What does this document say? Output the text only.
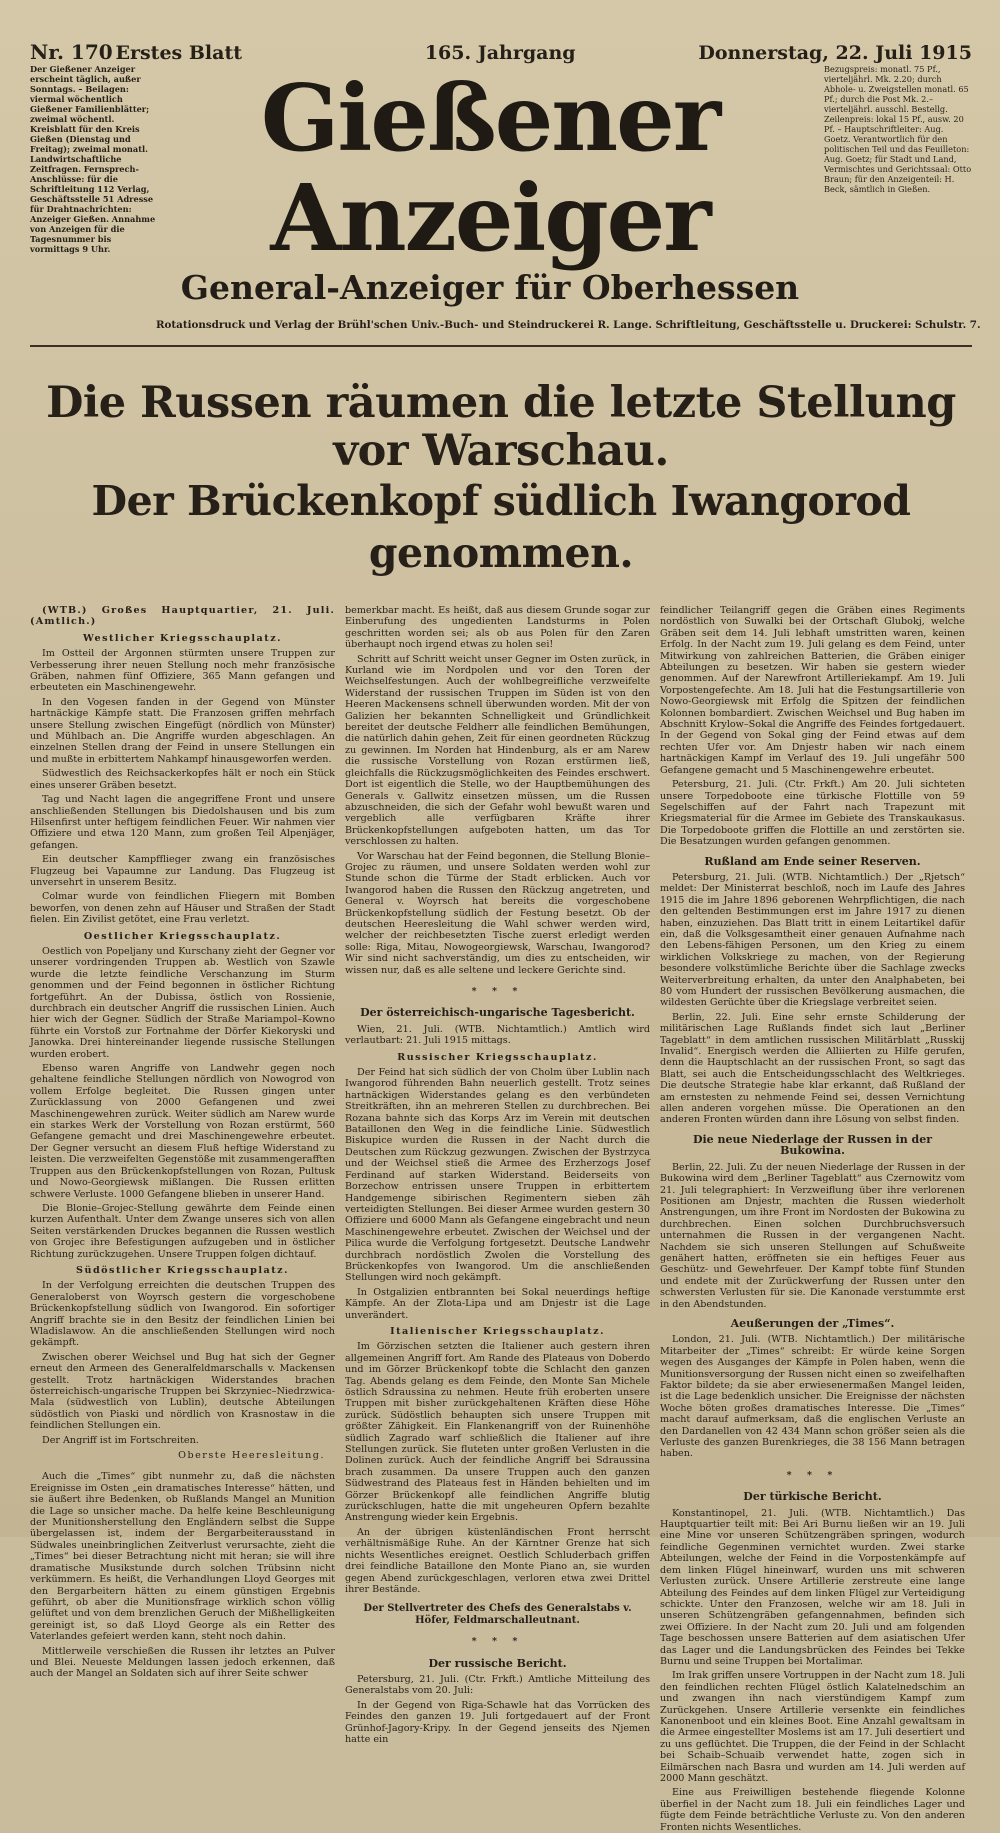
Nr. 170 Erstes Blatt	165. Jahrgang	Donnerstag, 22. Juli 1915
Der Gießener Anzeiger erscheint täglich, außer Sonntags. – Beilagen: viermal wöchentlich Gießener Familienblätter; zweimal wöchentl. Kreisblatt für den Kreis Gießen (Dienstag und Freitag); zweimal monatl. Landwirtschaftliche Zeitfragen. Fernsprech-Anschlüsse: für die Schriftleitung 112 Verlag, Geschäftsstelle 51 Adresse für Drahtnachrichten: Anzeiger Gießen. Annahme von Anzeigen für die Tagesnummer bis vormittags 9 Uhr.
Gießener Anzeiger
General-Anzeiger für Oberhessen
Bezugspreis: monatl. 75 Pf., vierteljährl. Mk. 2.20; durch Abhole- u. Zweigstellen monatl. 65 Pf.; durch die Post Mk. 2.– vierteljährl. ausschl. Bestellg. Zeilenpreis: lokal 15 Pf., ausw. 20 Pf. – Hauptschriftleiter: Aug. Goetz. Verantwortlich für den politischen Teil und das Feuilleton: Aug. Goetz; für Stadt und Land, Vermischtes und Gerichtssaal: Otto Braun; für den Anzeigenteil: H. Beck, sämtlich in Gießen.
Rotationsdruck und Verlag der Brühl'schen Univ.-Buch- und Steindruckerei R. Lange. Schriftleitung, Geschäftsstelle u. Druckerei: Schulstr. 7.
Die Russen räumen die letzte Stellung vor Warschau.
Der Brückenkopf südlich Iwangorod genommen.

(WTB.) Großes Hauptquartier, 21. Juli. (Amtlich.)

Westlicher Kriegsschauplatz.

Im Ostteil der Argonnen stürmten unsere Truppen zur Verbesserung ihrer neuen Stellung noch mehr französische Gräben, nahmen fünf Offiziere, 365 Mann gefangen und erbeuteten ein Maschinengewehr.

In den Vogesen fanden in der Gegend von Münster hartnäckige Kämpfe statt. Die Franzosen griffen mehrfach unsere Stellung zwischen Eingefügt (nördlich von Münster) und Mühlbach an. Die Angriffe wurden abgeschlagen. An einzelnen Stellen drang der Feind in unsere Stellungen ein und mußte in erbittertem Nahkampf hinausgeworfen werden.

Südwestlich des Reichsackerkopfes hält er noch ein Stück eines unserer Gräben besetzt.

Tag und Nacht lagen die angegriffene Front und unsere anschließenden Stellungen bis Diedolshausen und bis zum Hilsenfirst unter heftigem feindlichen Feuer. Wir nahmen vier Offiziere und etwa 120 Mann, zum großen Teil Alpenjäger, gefangen.

Ein deutscher Kampfflieger zwang ein französisches Flugzeug bei Vapaumne zur Landung. Das Flugzeug ist unversehrt in unserem Besitz.

Colmar wurde von feindlichen Fliegern mit Bomben beworfen, von denen zehn auf Häuser und Straßen der Stadt fielen. Ein Zivilist getötet, eine Frau verletzt.

Oestlicher Kriegsschauplatz.

Oestlich von Popeljany und Kurschany zieht der Gegner vor unserer vordringenden Truppen ab. Westlich von Szawle wurde die letzte feindliche Verschanzung im Sturm genommen und der Feind begonnen in östlicher Richtung fortgeführt. An der Dubissa, östlich von Rossienie, durchbrach ein deutscher Angriff die russischen Linien. Auch hier wich der Gegner. Südlich der Straße Mariampol–Kowno führte ein Vorstoß zur Fortnahme der Dörfer Kiekoryski und Janowka. Drei hintereinander liegende russische Stellungen wurden erobert.

Ebenso waren Angriffe von Landwehr gegen noch gehaltene feindliche Stellungen nördlich von Nowogrod von vollem Erfolge begleitet. Die Russen gingen unter Zurücklassung von 2000 Gefangenen und zwei Maschinengewehren zurück. Weiter südlich am Narew wurde ein starkes Werk der Vorstellung von Rozan erstürmt, 560 Gefangene gemacht und drei Maschinengewehre erbeutet. Der Gegner versucht an diesem Fluß heftige Widerstand zu leisten. Die verzweifelten Gegenstöße mit zusammengerafften Truppen aus den Brückenkopfstellungen von Rozan, Pultusk und Nowo-Georgiewsk mißlangen. Die Russen erlitten schwere Verluste. 1000 Gefangene blieben in unserer Hand.

Die Blonie–Grojec-Stellung gewährte dem Feinde einen kurzen Aufenthalt. Unter dem Zwange unseres sich von allen Seiten verstärkenden Druckes begannen die Russen westlich von Grojec ihre Befestigungen aufzugeben und in östlicher Richtung zurückzugehen. Unsere Truppen folgen dichtauf.

Südöstlicher Kriegsschauplatz.

In der Verfolgung erreichten die deutschen Truppen des Generaloberst von Woyrsch gestern die vorgeschobene Brückenkopfstellung südlich von Iwangorod. Ein sofortiger Angriff brachte sie in den Besitz der feindlichen Linien bei Wladislawow. An die anschließenden Stellungen wird noch gekämpft.

Zwischen oberer Weichsel und Bug hat sich der Gegner erneut den Armeen des Generalfeldmarschalls v. Mackensen gestellt. Trotz hartnäckigen Widerstandes brachen österreichisch-ungarische Truppen bei Skrzyniec–Niedrzwica-Mala (südwestlich von Lublin), deutsche Abteilungen südöstlich von Piaski und nördlich von Krasnostaw in die feindlichen Stellungen ein.

Der Angriff ist im Fortschreiten.

Oberste Heeresleitung.

Auch die „Times“ gibt nunmehr zu, daß die nächsten Ereignisse im Osten „ein dramatisches Interesse“ hätten, und sie äußert ihre Bedenken, ob Rußlands Mangel an Munition die Lage so unsicher mache. Da helfe keine Beschleunigung der Munitionsherstellung den Engländern selbst die Suppe übergelassen ist, indem der Bergarbeiterausstand in Südwales uneinbringlichen Zeitverlust verursachte, zieht die „Times“ bei dieser Betrachtung nicht mit heran; sie will ihre dramatische Musikstunde durch solchen Trübsinn nicht verkümmern. Es heißt, die Verhandlungen Lloyd Georges mit den Bergarbeitern hätten zu einem günstigen Ergebnis geführt, ob aber die Munitionsfrage wirklich schon völlig gelüftet und von dem brenzlichen Geruch der Mißhelligkeiten gereinigt ist, so daß Lloyd George als ein Retter des Vaterlandes gefeiert werden kann, steht noch dahin.

Mittlerweile verschießen die Russen ihr letztes an Pulver und Blei. Neueste Meldungen lassen jedoch erkennen, daß auch der Mangel an Soldaten sich auf ihrer Seite schwer

bemerkbar macht. Es heißt, daß aus diesem Grunde sogar zur Einberufung des ungedienten Landsturms in Polen geschritten worden sei; als ob aus Polen für den Zaren überhaupt noch irgend etwas zu holen sei!

Schritt auf Schritt weicht unser Gegner im Osten zurück, in Kurland wie im Nordpolen und vor den Toren der Weichselfestungen. Auch der wohlbegreifliche verzweifelte Widerstand der russischen Truppen im Süden ist von den Heeren Mackensens schnell überwunden worden. Mit der von Galizien her bekannten Schnelligkeit und Gründlichkeit bereitet der deutsche Feldherr alle feindlichen Bemühungen, die natürlich dahin gehen, Zeit für einen geordneten Rückzug zu gewinnen. Im Norden hat Hindenburg, als er am Narew die russische Vorstellung von Rozan erstürmen ließ, gleichfalls die Rückzugsmöglichkeiten des Feindes erschwert. Dort ist eigentlich die Stelle, wo der Hauptbemühungen des Generals v. Gallwitz einsetzen müssen, um die Russen abzuschneiden, die sich der Gefahr wohl bewußt waren und vergeblich alle verfügbaren Kräfte ihrer Brückenkopfstellungen aufgeboten hatten, um das Tor verschlossen zu halten.

Vor Warschau hat der Feind begonnen, die Stellung Blonie–Grojec zu räumen, und unsere Soldaten werden wohl zur Stunde schon die Türme der Stadt erblicken. Auch vor Iwangorod haben die Russen den Rückzug angetreten, und General v. Woyrsch hat bereits die vorgeschobene Brückenkopfstellung südlich der Festung besetzt. Ob der deutschen Heeresleitung die Wahl schwer werden wird, welcher der reichbesetzten Tische zuerst erledigt werden solle: Riga, Mitau, Nowogeorgiewsk, Warschau, Iwangorod? Wir sind nicht sachverständig, um dies zu entscheiden, wir wissen nur, daß es alle seltene und leckere Gerichte sind.

* * *

Der österreichisch-ungarische Tagesbericht.

Wien, 21. Juli. (WTB. Nichtamtlich.) Amtlich wird verlautbart: 21. Juli 1915 mittags.

Russischer Kriegsschauplatz.

Der Feind hat sich südlich der von Cholm über Lublin nach Iwangorod führenden Bahn neuerlich gestellt. Trotz seines hartnäckigen Widerstandes gelang es den verbündeten Streitkräften, ihn an mehreren Stellen zu durchbrechen. Bei Rozana bahnte sich das Korps Arz im Verein mit deutschen Bataillonen den Weg in die feindliche Linie. Südwestlich Biskupice wurden die Russen in der Nacht durch die Deutschen zum Rückzug gezwungen. Zwischen der Bystrzyca und der Weichsel stieß die Armee des Erzherzogs Josef Ferdinand auf starken Widerstand. Beiderseits von Borzechow entrissen unsere Truppen in erbittertem Handgemenge sibirischen Regimentern sieben zäh verteidigten Stellungen. Bei dieser Armee wurden gestern 30 Offiziere und 6000 Mann als Gefangene eingebracht und neun Maschinengewehre erbeutet. Zwischen der Weichsel und der Pilica wurde die Verfolgung fortgesetzt. Deutsche Landwehr durchbrach nordöstlich Zwolen die Vorstellung des Brückenkopfes von Iwangorod. Um die anschließenden Stellungen wird noch gekämpft.

In Ostgalizien entbrannten bei Sokal neuerdings heftige Kämpfe. An der Zlota-Lipa und am Dnjestr ist die Lage unverändert.

Italienischer Kriegsschauplatz.

Im Görzischen setzten die Italiener auch gestern ihren allgemeinen Angriff fort. Am Rande des Plateaus von Doberdo und im Görzer Brückenkopf tobte die Schlacht den ganzen Tag. Abends gelang es dem Feinde, den Monte San Michele östlich Sdraussina zu nehmen. Heute früh eroberten unsere Truppen mit bisher zurückgehaltenen Kräften diese Höhe zurück. Südöstlich behaupten sich unsere Truppen mit größter Zähigkeit. Ein Flankenangriff von der Ruinenhöhe südlich Zagrado warf schließlich die Italiener auf ihre Stellungen zurück. Sie fluteten unter großen Verlusten in die Dolinen zurück. Auch der feindliche Angriff bei Sdraussina brach zusammen. Da unsere Truppen auch den ganzen Südwestrand des Plateaus fest in Händen behielten und im Görzer Brückenkopf alle feindlichen Angriffe blutig zurückschlugen, hatte die mit ungeheuren Opfern bezahlte Anstrengung wieder kein Ergebnis.

An der übrigen küstenländischen Front herrscht verhältnismäßige Ruhe. An der Kärntner Grenze hat sich nichts Wesentliches ereignet. Oestlich Schluderbach griffen drei feindliche Bataillone den Monte Piano an, sie wurden gegen Abend zurückgeschlagen, verloren etwa zwei Drittel ihrer Bestände.

Der Stellvertreter des Chefs des Generalstabs v. Höfer, Feldmarschalleutnant.

* * *

Der russische Bericht.

Petersburg, 21. Juli. (Ctr. Frkft.) Amtliche Mitteilung des Generalstabs vom 20. Juli:

In der Gegend von Riga-Schawle hat das Vorrücken des Feindes den ganzen 19. Juli fortgedauert auf der Front Grünhof-Jagory-Kripy. In der Gegend jenseits des Njemen hatte ein

feindlicher Teilangriff gegen die Gräben eines Regiments nordöstlich von Suwalki bei der Ortschaft Glubokj, welche Gräben seit dem 14. Juli lebhaft umstritten waren, keinen Erfolg. In der Nacht zum 19. Juli gelang es dem Feind, unter Mitwirkung von zahlreichen Batterien, die Gräben einiger Abteilungen zu besetzen. Wir haben sie gestern wieder genommen. Auf der Narewfront Artilleriekampf. Am 19. Juli Vorpostengefechte. Am 18. Juli hat die Festungsartillerie von Nowo-Georgiewsk mit Erfolg die Spitzen der feindlichen Kolonnen bombardiert. Zwischen Weichsel und Bug haben im Abschnitt Krylow–Sokal die Angriffe des Feindes fortgedauert. In der Gegend von Sokal ging der Feind etwas auf dem rechten Ufer vor. Am Dnjestr haben wir nach einem hartnäckigen Kampf im Verlauf des 19. Juli ungefähr 500 Gefangene gemacht und 5 Maschinengewehre erbeutet.

Petersburg, 21. Juli. (Ctr. Frkft.) Am 20. Juli sichteten unsere Torpedoboote eine türkische Flottille von 59 Segelschiffen auf der Fahrt nach Trapezunt mit Kriegsmaterial für die Armee im Gebiete des Transkaukasus. Die Torpedoboote griffen die Flottille an und zerstörten sie. Die Besatzungen wurden gefangen genommen.

Rußland am Ende seiner Reserven.

Petersburg, 21. Juli. (WTB. Nichtamtlich.) Der „Rjetsch“ meldet: Der Ministerrat beschloß, noch im Laufe des Jahres 1915 die im Jahre 1896 geborenen Wehrpflichtigen, die nach den geltenden Bestimmungen erst im Jahre 1917 zu dienen haben, einzuziehen. Das Blatt tritt in einem Leitartikel dafür ein, daß die Volksgesamtheit einer genauen Aufnahme nach den Lebens-fähigen Personen, um den Krieg zu einem wirklichen Volkskriege zu machen, von der Regierung besondere volkstümliche Berichte über die Sachlage zwecks Weiterverbreitung erhalten, da unter den Analphabeten, bei 80 vom Hundert der russischen Bevölkerung ausmachen, die wildesten Gerüchte über die Kriegslage verbreitet seien.

Berlin, 22. Juli. Eine sehr ernste Schilderung der militärischen Lage Rußlands findet sich laut „Berliner Tageblatt“ in dem amtlichen russischen Militärblatt „Russkij Invalid“. Energisch werden die Alliierten zu Hilfe gerufen, denn die Hauptschlacht an der russischen Front, so sagt das Blatt, sei auch die Entscheidungsschlacht des Weltkrieges. Die deutsche Strategie habe klar erkannt, daß Rußland der am ernstesten zu nehmende Feind sei, dessen Vernichtung allen anderen vorgehen müsse. Die Operationen an den anderen Fronten würden dann ihre Lösung von selbst finden.

Die neue Niederlage der Russen in der Bukowina.

Berlin, 22. Juli. Zu der neuen Niederlage der Russen in der Bukowina wird dem „Berliner Tageblatt“ aus Czernowitz vom 21. Juli telegraphiert: In Verzweiflung über ihre verlorenen Positionen am Dnjestr, machten die Russen wiederholt Anstrengungen, um ihre Front im Nordosten der Bukowina zu durchbrechen. Einen solchen Durchbruchsversuch unternahmen die Russen in der vergangenen Nacht. Nachdem sie sich unseren Stellungen auf Schußweite genähert hatten, eröffneten sie ein heftiges Feuer aus Geschütz- und Gewehrfeuer. Der Kampf tobte fünf Stunden und endete mit der Zurückwerfung der Russen unter den schwersten Verlusten für sie. Die Kanonade verstummte erst in den Abendstunden.

Aeußerungen der „Times“.

London, 21. Juli. (WTB. Nichtamtlich.) Der militärische Mitarbeiter der „Times“ schreibt: Er würde keine Sorgen wegen des Ausganges der Kämpfe in Polen haben, wenn die Munitionsversorgung der Russen nicht einen so zweifelhaften Faktor bildete; da sie aber erwiesenermaßen Mangel leiden, ist die Lage bedenklich unsicher. Die Ereignisse der nächsten Woche böten großes dramatisches Interesse. Die „Times“ macht darauf aufmerksam, daß die englischen Verluste an den Dardanellen von 42 434 Mann schon größer seien als die Verluste des ganzen Burenkrieges, die 38 156 Mann betragen haben.

* * *

Der türkische Bericht.

Konstantinopel, 21. Juli. (WTB. Nichtamtlich.) Das Hauptquartier teilt mit: Bei Ari Burnu ließen wir an 19. Juli eine Mine vor unseren Schützengräben springen, wodurch feindliche Gegenminen vernichtet wurden. Zwei starke Abteilungen, welche der Feind in die Vorpostenkämpfe auf dem linken Flügel hineinwarf, wurden uns mit schweren Verlusten zurück. Unsere Artillerie zerstreute eine lange Abteilung des Feindes auf dem linken Flügel zur Verteidigung schickte. Unter den Franzosen, welche wir am 18. Juli in unseren Schützengräben gefangennahmen, befinden sich zwei Offiziere. In der Nacht zum 20. Juli und am folgenden Tage beschossen unsere Batterien auf dem asiatischen Ufer das Lager und die Landungsbrücken des Feindes bei Tekke Burnu und seine Truppen bei Mortalimar.

Im Irak griffen unsere Vortruppen in der Nacht zum 18. Juli den feindlichen rechten Flügel östlich Kalatelnedschim an und zwangen ihn nach vierstündigem Kampf zum Zurückgehen. Unsere Artillerie versenkte ein feindliches Kanonenboot und ein kleines Boot. Eine Anzahl gewaltsam in die Armee eingestellter Moslems ist am 17. Juli desertiert und zu uns geflüchtet. Die Truppen, die der Feind in der Schlacht bei Schaib–Schuaib verwendet hatte, zogen sich in Eilmärschen nach Basra und wurden am 14. Juli werden auf 2000 Mann geschätzt.

Eine aus Freiwilligen bestehende fliegende Kolonne überfiel in der Nacht zum 18. Juli ein feindliches Lager und fügte dem Feinde beträchtliche Verluste zu. Von den anderen Fronten nichts Wesentliches.
